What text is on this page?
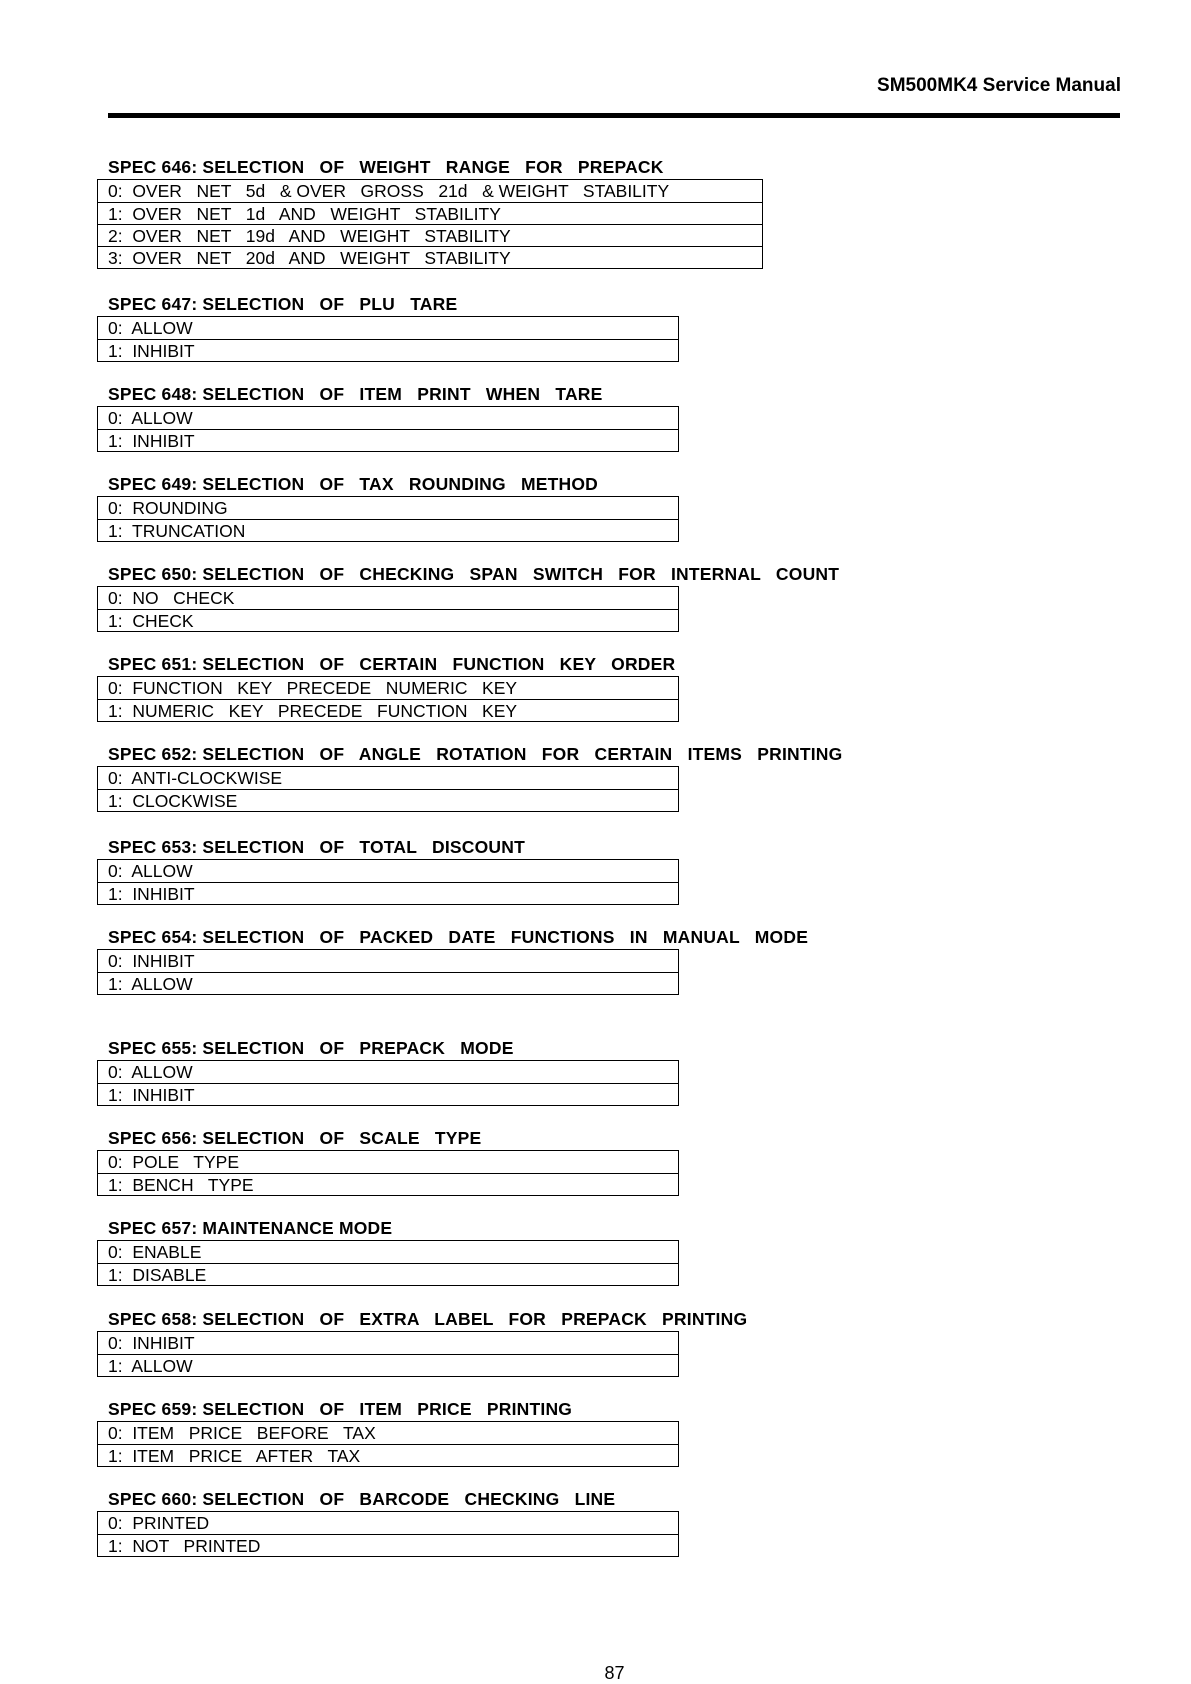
SM500MK4 Service Manual
SPEC 646: SELECTION   OF   WEIGHT   RANGE   FOR   PREPACK
0:  OVER   NET   5d   & OVER   GROSS   21d   & WEIGHT   STABILITY
1:  OVER   NET   1d   AND   WEIGHT   STABILITY
2:  OVER   NET   19d   AND   WEIGHT   STABILITY
3:  OVER   NET   20d   AND   WEIGHT   STABILITY
SPEC 647: SELECTION   OF   PLU   TARE
0:  ALLOW
1:  INHIBIT
SPEC 648: SELECTION   OF   ITEM   PRINT   WHEN   TARE
0:  ALLOW
1:  INHIBIT
SPEC 649: SELECTION   OF   TAX   ROUNDING   METHOD
0:  ROUNDING
1:  TRUNCATION
SPEC 650: SELECTION   OF   CHECKING   SPAN   SWITCH   FOR   INTERNAL   COUNT
0:  NO   CHECK
1:  CHECK
SPEC 651: SELECTION   OF   CERTAIN   FUNCTION   KEY   ORDER
0:  FUNCTION   KEY   PRECEDE   NUMERIC   KEY
1:  NUMERIC   KEY   PRECEDE   FUNCTION   KEY
SPEC 652: SELECTION   OF   ANGLE   ROTATION   FOR   CERTAIN   ITEMS   PRINTING
0:  ANTI-CLOCKWISE
1:  CLOCKWISE
SPEC 653: SELECTION   OF   TOTAL   DISCOUNT
0:  ALLOW
1:  INHIBIT
SPEC 654: SELECTION   OF   PACKED   DATE   FUNCTIONS   IN   MANUAL   MODE
0:  INHIBIT
1:  ALLOW
SPEC 655: SELECTION   OF   PREPACK   MODE
0:  ALLOW
1:  INHIBIT
SPEC 656: SELECTION   OF   SCALE   TYPE
0:  POLE   TYPE
1:  BENCH   TYPE
SPEC 657: MAINTENANCE MODE
0:  ENABLE
1:  DISABLE
SPEC 658: SELECTION   OF   EXTRA   LABEL   FOR   PREPACK   PRINTING
0:  INHIBIT
1:  ALLOW
SPEC 659: SELECTION   OF   ITEM   PRICE   PRINTING
0:  ITEM   PRICE   BEFORE   TAX
1:  ITEM   PRICE   AFTER   TAX
SPEC 660: SELECTION   OF   BARCODE   CHECKING   LINE
0:  PRINTED
1:  NOT   PRINTED
87
